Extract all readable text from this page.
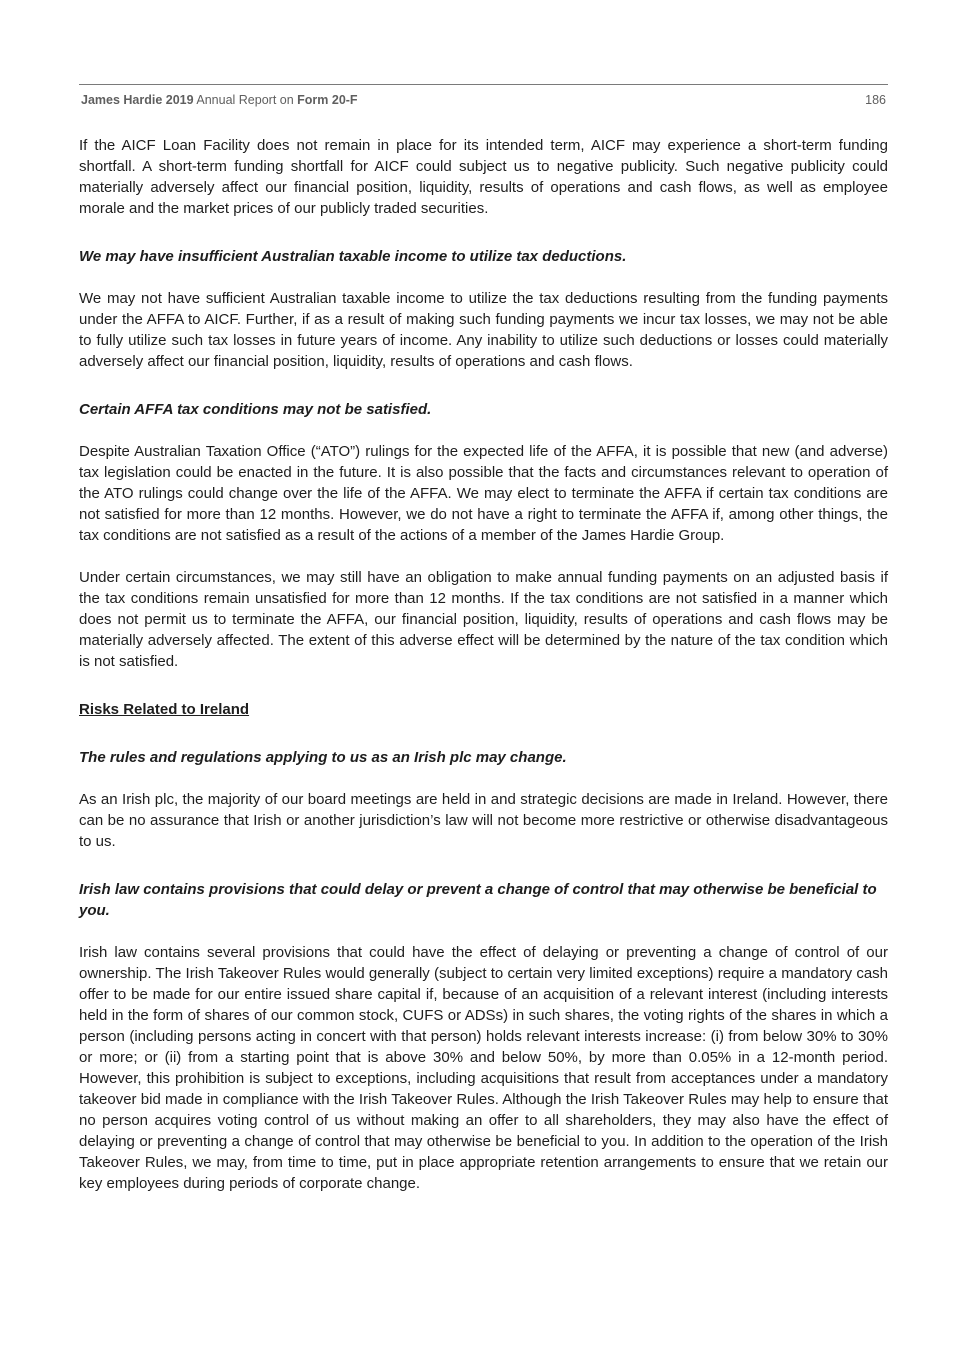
James Hardie 2019 Annual Report on Form 20-F	186
If the AICF Loan Facility does not remain in place for its intended term, AICF may experience a short-term funding shortfall. A short-term funding shortfall for AICF could subject us to negative publicity. Such negative publicity could materially adversely affect our financial position, liquidity, results of operations and cash flows, as well as employee morale and the market prices of our publicly traded securities.
We may have insufficient Australian taxable income to utilize tax deductions.
We may not have sufficient Australian taxable income to utilize the tax deductions resulting from the funding payments under the AFFA to AICF. Further, if as a result of making such funding payments we incur tax losses, we may not be able to fully utilize such tax losses in future years of income. Any inability to utilize such deductions or losses could materially adversely affect our financial position, liquidity, results of operations and cash flows.
Certain AFFA tax conditions may not be satisfied.
Despite Australian Taxation Office (“ATO”) rulings for the expected life of the AFFA, it is possible that new (and adverse) tax legislation could be enacted in the future. It is also possible that the facts and circumstances relevant to operation of the ATO rulings could change over the life of the AFFA. We may elect to terminate the AFFA if certain tax conditions are not satisfied for more than 12 months. However, we do not have a right to terminate the AFFA if, among other things, the tax conditions are not satisfied as a result of the actions of a member of the James Hardie Group.
Under certain circumstances, we may still have an obligation to make annual funding payments on an adjusted basis if the tax conditions remain unsatisfied for more than 12 months. If the tax conditions are not satisfied in a manner which does not permit us to terminate the AFFA, our financial position, liquidity, results of operations and cash flows may be materially adversely affected. The extent of this adverse effect will be determined by the nature of the tax condition which is not satisfied.
Risks Related to Ireland
The rules and regulations applying to us as an Irish plc may change.
As an Irish plc, the majority of our board meetings are held in and strategic decisions are made in Ireland. However, there can be no assurance that Irish or another jurisdiction’s law will not become more restrictive or otherwise disadvantageous to us.
Irish law contains provisions that could delay or prevent a change of control that may otherwise be beneficial to you.
Irish law contains several provisions that could have the effect of delaying or preventing a change of control of our ownership. The Irish Takeover Rules would generally (subject to certain very limited exceptions) require a mandatory cash offer to be made for our entire issued share capital if, because of an acquisition of a relevant interest (including interests held in the form of shares of our common stock, CUFS or ADSs) in such shares, the voting rights of the shares in which a person (including persons acting in concert with that person) holds relevant interests increase: (i) from below 30% to 30% or more; or (ii) from a starting point that is above 30% and below 50%, by more than 0.05% in a 12-month period. However, this prohibition is subject to exceptions, including acquisitions that result from acceptances under a mandatory takeover bid made in compliance with the Irish Takeover Rules. Although the Irish Takeover Rules may help to ensure that no person acquires voting control of us without making an offer to all shareholders, they may also have the effect of delaying or preventing a change of control that may otherwise be beneficial to you. In addition to the operation of the Irish Takeover Rules, we may, from time to time, put in place appropriate retention arrangements to ensure that we retain our key employees during periods of corporate change.
